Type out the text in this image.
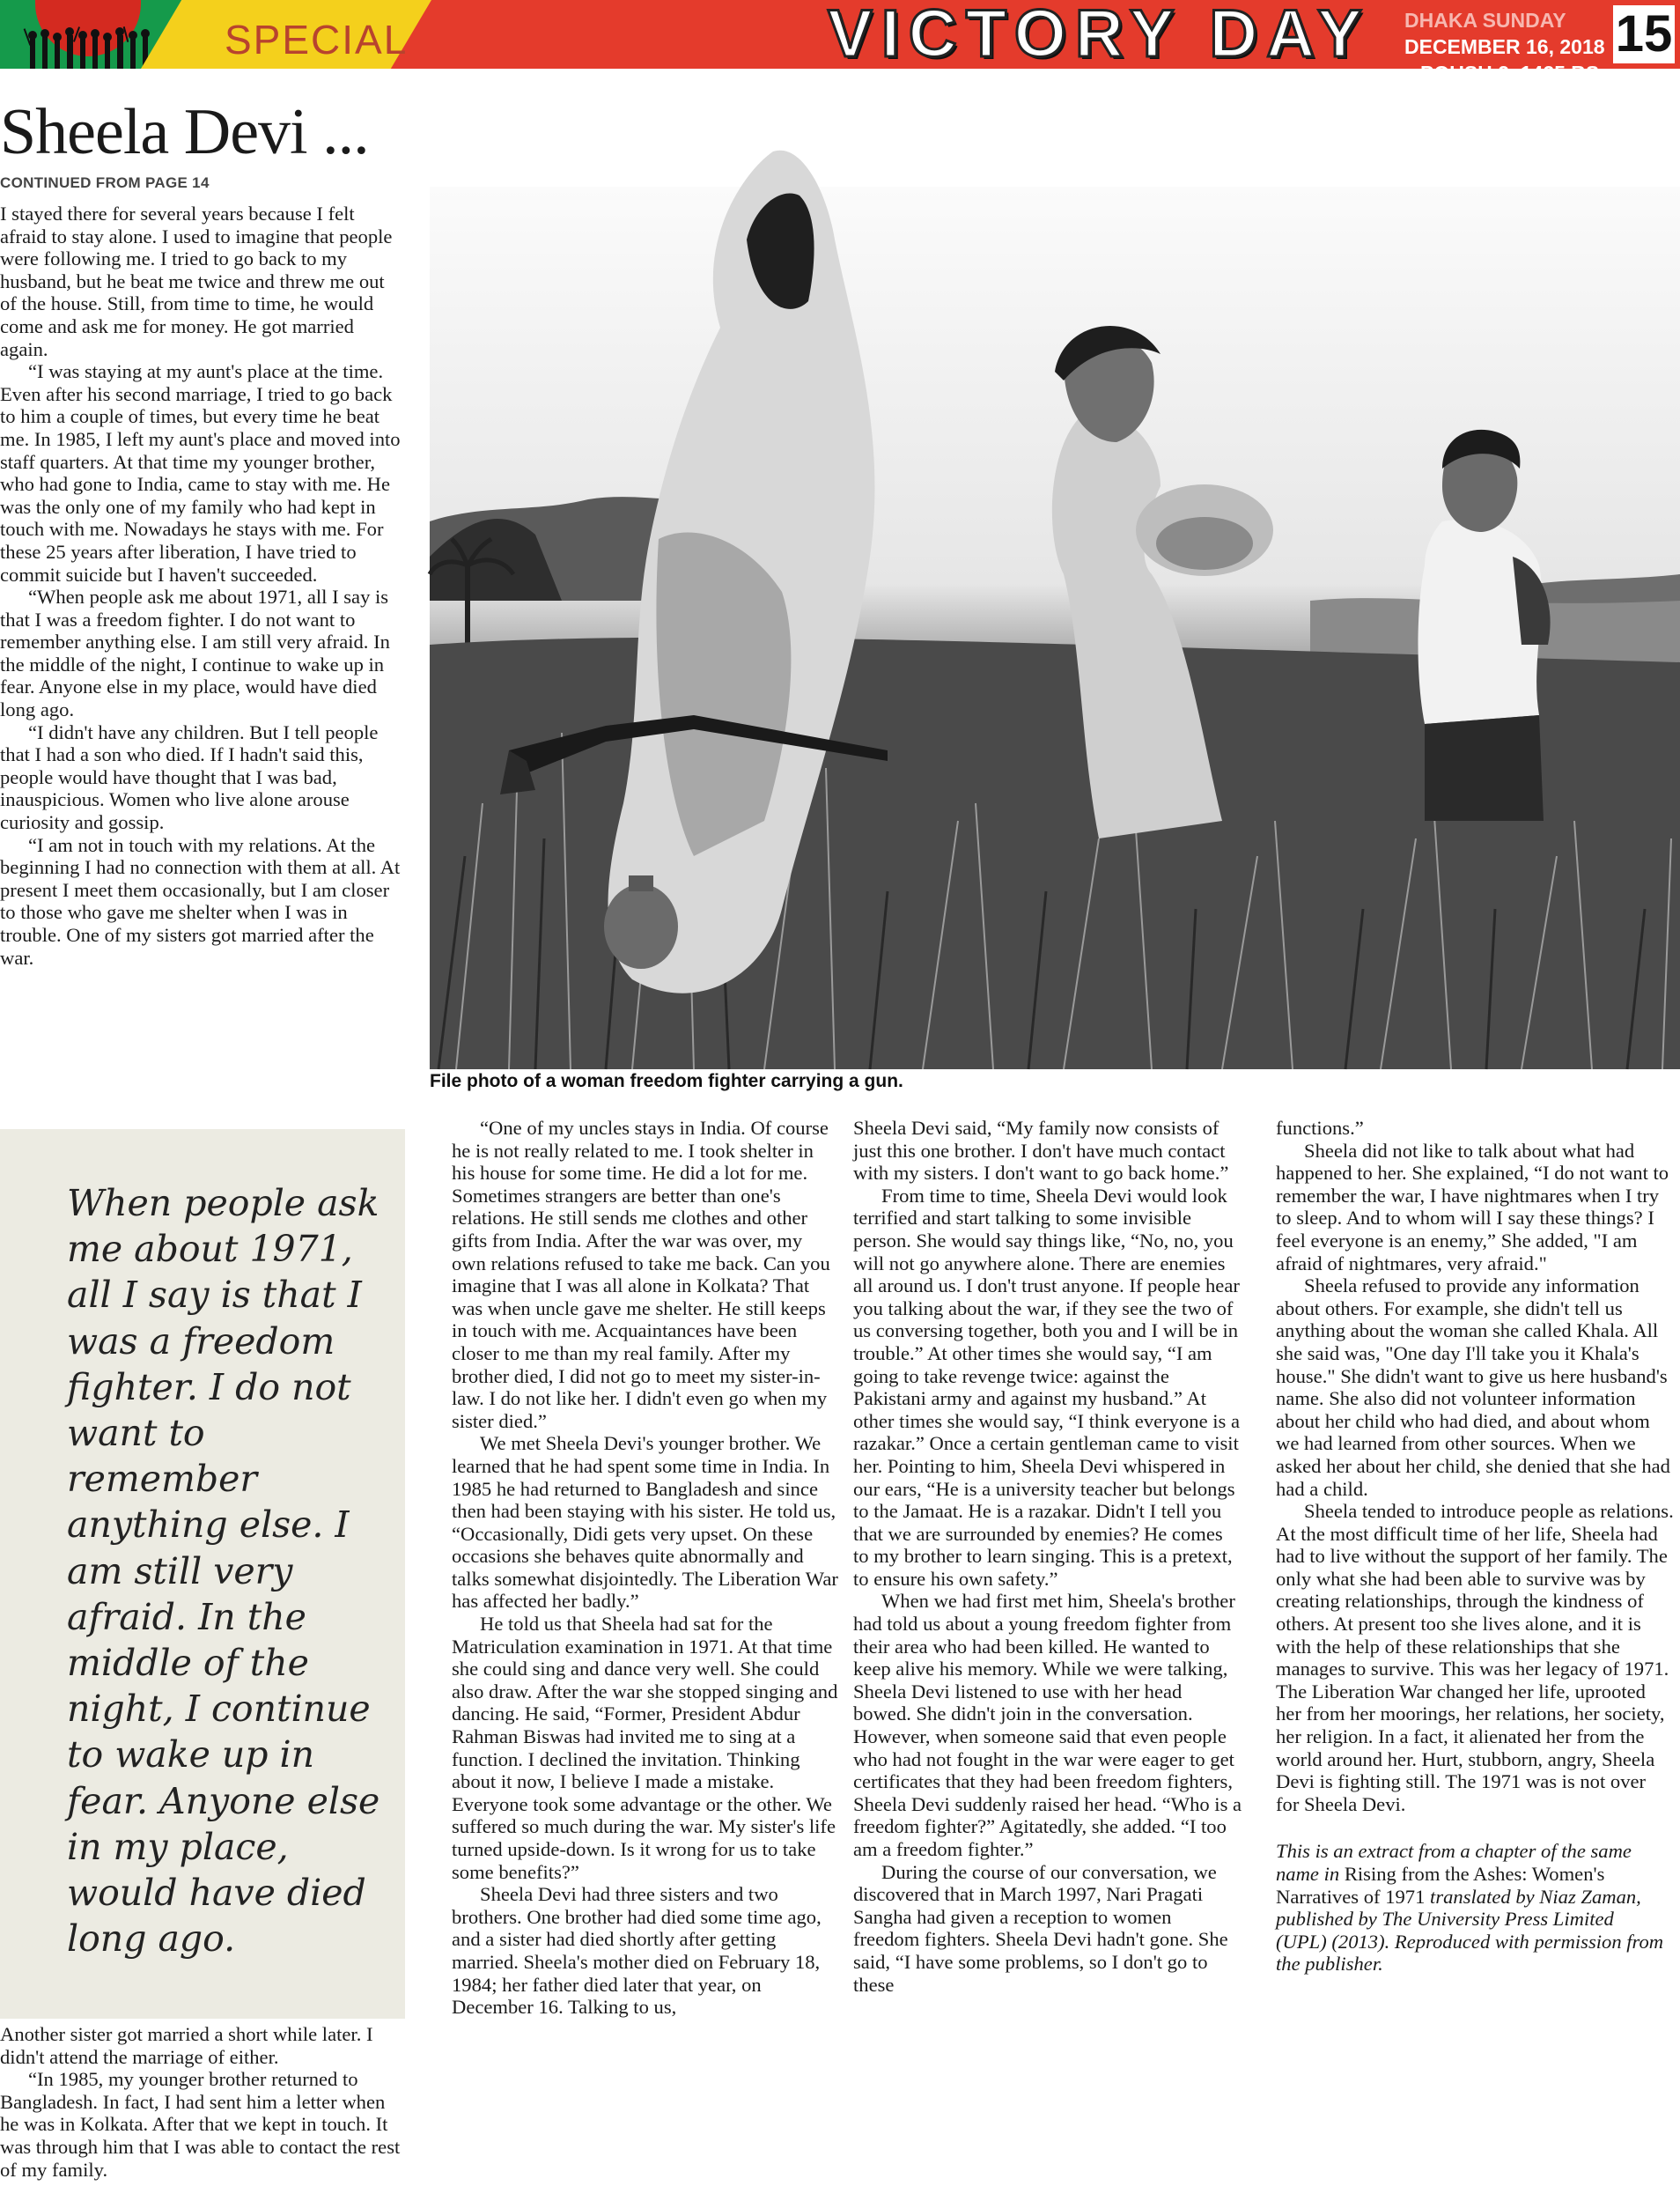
SPECIAL	VICTORY DAY DHAKA SUNDAY DECEMBER 16, 2018
POUSH 2, 1425 BS
15
Sheela Devi ...
CONTINUED FROM PAGE 14

I stayed there for several years because I felt afraid to stay alone. I used to imagine that people were following me. I tried to go back to my husband, but he beat me twice and threw me out of the house. Still, from time to time, he would come and ask me for money. He got married again.

“I was staying at my aunt's place at the time. Even after his second marriage, I tried to go back to him a couple of times, but every time he beat me. In 1985, I left my aunt's place and moved into staff quarters. At that time my younger brother, who had gone to India, came to stay with me. He was the only one of my family who had kept in touch with me. Nowadays he stays with me. For these 25 years after liberation, I have tried to commit suicide but I haven't succeeded.

“When people ask me about 1971, all I say is that I was a freedom fighter. I do not want to remember anything else. I am still very afraid. In the middle of the night, I continue to wake up in fear. Anyone else in my place, would have died long ago.

“I didn't have any children. But I tell people that I had a son who died. If I hadn't said this, people would have thought that I was bad, inauspicious. Women who live alone arouse curiosity and gossip.

“I am not in touch with my relations. At the beginning I had no connection with them at all. At present I meet them occasionally, but I am closer to those who gave me shelter when I was in trouble. One of my sisters got married after the war.

File photo of a woman freedom fighter carrying a gun.
When people ask me about 1971, all I say is that I was a freedom fighter. I do not want to remember anything else. I am still very afraid. In the middle of the night, I continue to wake up in fear. Anyone else in my place, would have died long ago.

Another sister got married a short while later. I didn't attend the marriage of either.

“In 1985, my younger brother returned to Bangladesh. In fact, I had sent him a letter when he was in Kolkata. After that we kept in touch. It was through him that I was able to contact the rest of my family.

“One of my uncles stays in India. Of course he is not really related to me. I took shelter in his house for some time. He did a lot for me. Sometimes strangers are better than one's relations. He still sends me clothes and other gifts from India. After the war was over, my own relations refused to take me back. Can you imagine that I was all alone in Kolkata? That was when uncle gave me shelter. He still keeps in touch with me. Acquaintances have been closer to me than my real family. After my brother died, I did not go to meet my sister-in-law. I do not like her. I didn't even go when my sister died.”

We met Sheela Devi's younger brother. We learned that he had spent some time in India. In 1985 he had returned to Bangladesh and since then had been staying with his sister. He told us, “Occasionally, Didi gets very upset. On these occasions she behaves quite abnormally and talks somewhat disjointedly. The Liberation War has affected her badly.”

He told us that Sheela had sat for the Matriculation examination in 1971. At that time she could sing and dance very well. She could also draw. After the war she stopped singing and dancing. He said, “Former, President Abdur Rahman Biswas had invited me to sing at a function. I declined the invitation. Thinking about it now, I believe I made a mistake. Everyone took some advantage or the other. We suffered so much during the war. My sister's life turned upside-down. Is it wrong for us to take some benefits?”

Sheela Devi had three sisters and two brothers. One brother had died some time ago, and a sister had died shortly after getting married. Sheela's mother died on February 18, 1984; her father died later that year, on December 16. Talking to us,

Sheela Devi said, “My family now consists of just this one brother. I don't have much contact with my sisters. I don't want to go back home.”

From time to time, Sheela Devi would look terrified and start talking to some invisible person. She would say things like, “No, no, you will not go anywhere alone. There are enemies all around us. I don't trust anyone. If people hear you talking about the war, if they see the two of us conversing together, both you and I will be in trouble.” At other times she would say, “I am going to take revenge twice: against the Pakistani army and against my husband.” At other times she would say, “I think everyone is a razakar.” Once a certain gentleman came to visit her. Pointing to him, Sheela Devi whispered in our ears, “He is a university teacher but belongs to the Jamaat. He is a razakar. Didn't I tell you that we are surrounded by enemies? He comes to my brother to learn singing. This is a pretext, to ensure his own safety.”

When we had first met him, Sheela's brother had told us about a young freedom fighter from their area who had been killed. He wanted to keep alive his memory. While we were talking, Sheela Devi listened to use with her head bowed. She didn't join in the conversation. However, when someone said that even people who had not fought in the war were eager to get certificates that they had been freedom fighters, Sheela Devi suddenly raised her head. “Who is a freedom fighter?” Agitatedly, she added. “I too am a freedom fighter.”

During the course of our conversation, we discovered that in March 1997, Nari Pragati Sangha had given a reception to women freedom fighters. Sheela Devi hadn't gone. She said, “I have some problems, so I don't go to these

functions.”

Sheela did not like to talk about what had happened to her. She explained, “I do not want to remember the war, I have nightmares when I try to sleep. And to whom will I say these things? I feel everyone is an enemy,” She added, "I am afraid of nightmares, very afraid."

Sheela refused to provide any information about others. For example, she didn't tell us anything about the woman she called Khala. All she said was, "One day I'll take you it Khala's house." She didn't want to give us here husband's name. She also did not volunteer information about her child who had died, and about whom we had learned from other sources. When we asked her about her child, she denied that she had had a child.

Sheela tended to introduce people as relations. At the most difficult time of her life, Sheela had had to live without the support of her family. The only what she had been able to survive was by creating relationships, through the kindness of others. At present too she lives alone, and it is with the help of these relationships that she manages to survive. This was her legacy of 1971. The Liberation War changed her life, uprooted her from her moorings, her relations, her society, her religion. In a fact, it alienated her from the world around her. Hurt, stubborn, angry, Sheela Devi is fighting still. The 1971 was is not over for Sheela Devi.

This is an extract from a chapter of the same name in Rising from the Ashes: Women's Narratives of 1971 translated by Niaz Zaman, published by The University Press Limited
(UPL) (2013). Reproduced with permission from the publisher.
